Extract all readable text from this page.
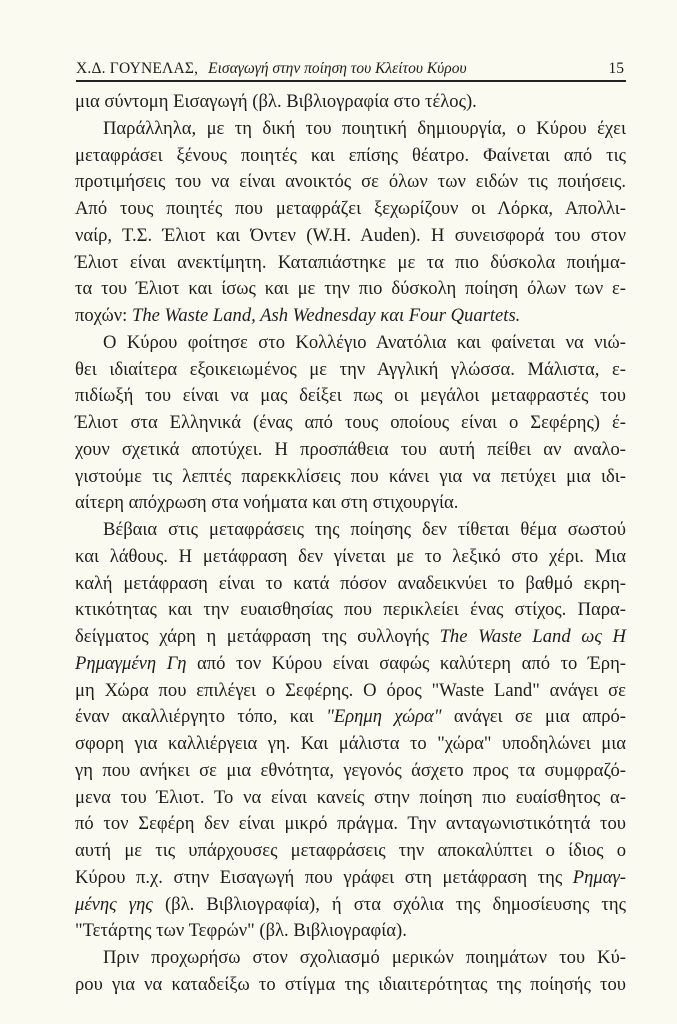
Χ.Δ. ΓΟΥΝΕΛΑΣ, Εισαγωγή στην ποίηση του Κλείτου Κύρου	15
μια σύντομη Εισαγωγή (βλ. Βιβλιογραφία στο τέλος).
Παράλληλα, με τη δική του ποιητική δημιουργία, ο Κύρου έχει
μεταφράσει ξένους ποιητές και επίσης θέατρο. Φαίνεται από τις
προτιμήσεις του να είναι ανοικτός σε όλων των ειδών τις ποιήσεις.
Από τους ποιητές που μεταφράζει ξεχωρίζουν οι Λόρκα, Απολλι-
ναίρ, Τ.Σ. Έλιοτ και Όντεν (W.H. Auden). Η συνεισφορά του στον
Έλιοτ είναι ανεκτίμητη. Καταπιάστηκε με τα πιο δύσκολα ποιήμα-
τα του Έλιοτ και ίσως και με την πιο δύσκολη ποίηση όλων των ε-
ποχών: The Waste Land, Ash Wednesday και Four Quartets.
Ο Κύρου φοίτησε στο Κολλέγιο Ανατόλια και φαίνεται να νιώ-
θει ιδιαίτερα εξοικειωμένος με την Αγγλική γλώσσα. Μάλιστα, ε-
πιδίωξή του είναι να μας δείξει πως οι μεγάλοι μεταφραστές του
Έλιοτ στα Ελληνικά (ένας από τους οποίους είναι ο Σεφέρης) έ-
χουν σχετικά αποτύχει. Η προσπάθεια του αυτή πείθει αν αναλο-
γιστούμε τις λεπτές παρεκκλίσεις που κάνει για να πετύχει μια ιδι-
αίτερη απόχρωση στα νοήματα και στη στιχουργία.
Βέβαια στις μεταφράσεις της ποίησης δεν τίθεται θέμα σωστού
και λάθους. Η μετάφραση δεν γίνεται με το λεξικό στο χέρι. Μια
καλή μετάφραση είναι το κατά πόσον αναδεικνύει το βαθμό εκρη-
κτικότητας και την ευαισθησίας που περικλείει ένας στίχος. Παρα-
δείγματος χάρη η μετάφραση της συλλογής The Waste Land ως Η
Ρημαγμένη Γη από τον Κύρου είναι σαφώς καλύτερη από το Έρη-
μη Χώρα που επιλέγει ο Σεφέρης. Ο όρος "Waste Land" ανάγει σε
έναν ακαλλιέργητο τόπο, και "Ερημη χώρα" ανάγει σε μια απρό-
σφορη για καλλιέργεια γη. Και μάλιστα το "χώρα" υποδηλώνει μια
γη που ανήκει σε μια εθνότητα, γεγονός άσχετο προς τα συμφραζό-
μενα του Έλιοτ. Το να είναι κανείς στην ποίηση πιο ευαίσθητος α-
πό τον Σεφέρη δεν είναι μικρό πράγμα. Την ανταγωνιστικότητά του
αυτή με τις υπάρχουσες μεταφράσεις την αποκαλύπτει ο ίδιος ο
Κύρου π.χ. στην Εισαγωγή που γράφει στη μετάφραση της Ρημαγ-
μένης γης (βλ. Βιβλιογραφία), ή στα σχόλια της δημοσίευσης της
"Τετάρτης των Τεφρών" (βλ. Βιβλιογραφία).
Πριν προχωρήσω στον σχολιασμό μερικών ποιημάτων του Κύ-
ρου για να καταδείξω το στίγμα της ιδιαιτερότητας της ποίησής του
